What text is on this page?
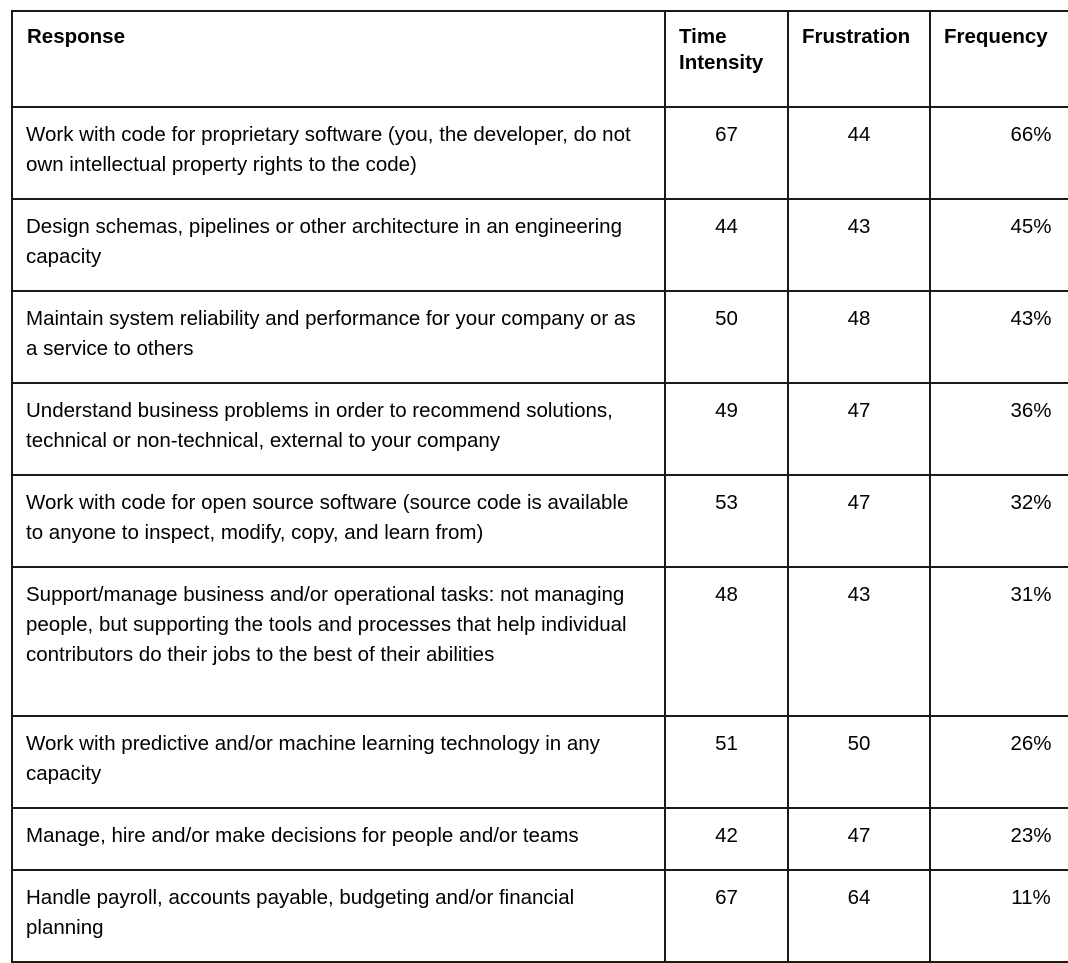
Response	Time Intensity	Frustration	Frequency
Work with code for proprietary software (you, the developer, do not own intellectual property rights to the code)	67	44	66%
Design schemas, pipelines or other architecture in an engineering capacity	44	43	45%
Maintain system reliability and performance for your company or as a service to others	50	48	43%
Understand business problems in order to recommend solutions, technical or non-technical, external to your company	49	47	36%
Work with code for open source software (source code is available to anyone to inspect, modify, copy, and learn from)	53	47	32%
Support/manage business and/or operational tasks: not managing people, but supporting the tools and processes that help individual contributors do their jobs to the best of their abilities	48	43	31%
Work with predictive and/or machine learning technology in any capacity	51	50	26%
Manage, hire and/or make decisions for people and/or teams	42	47	23%
Handle payroll, accounts payable, budgeting and/or financial planning	67	64	11%
